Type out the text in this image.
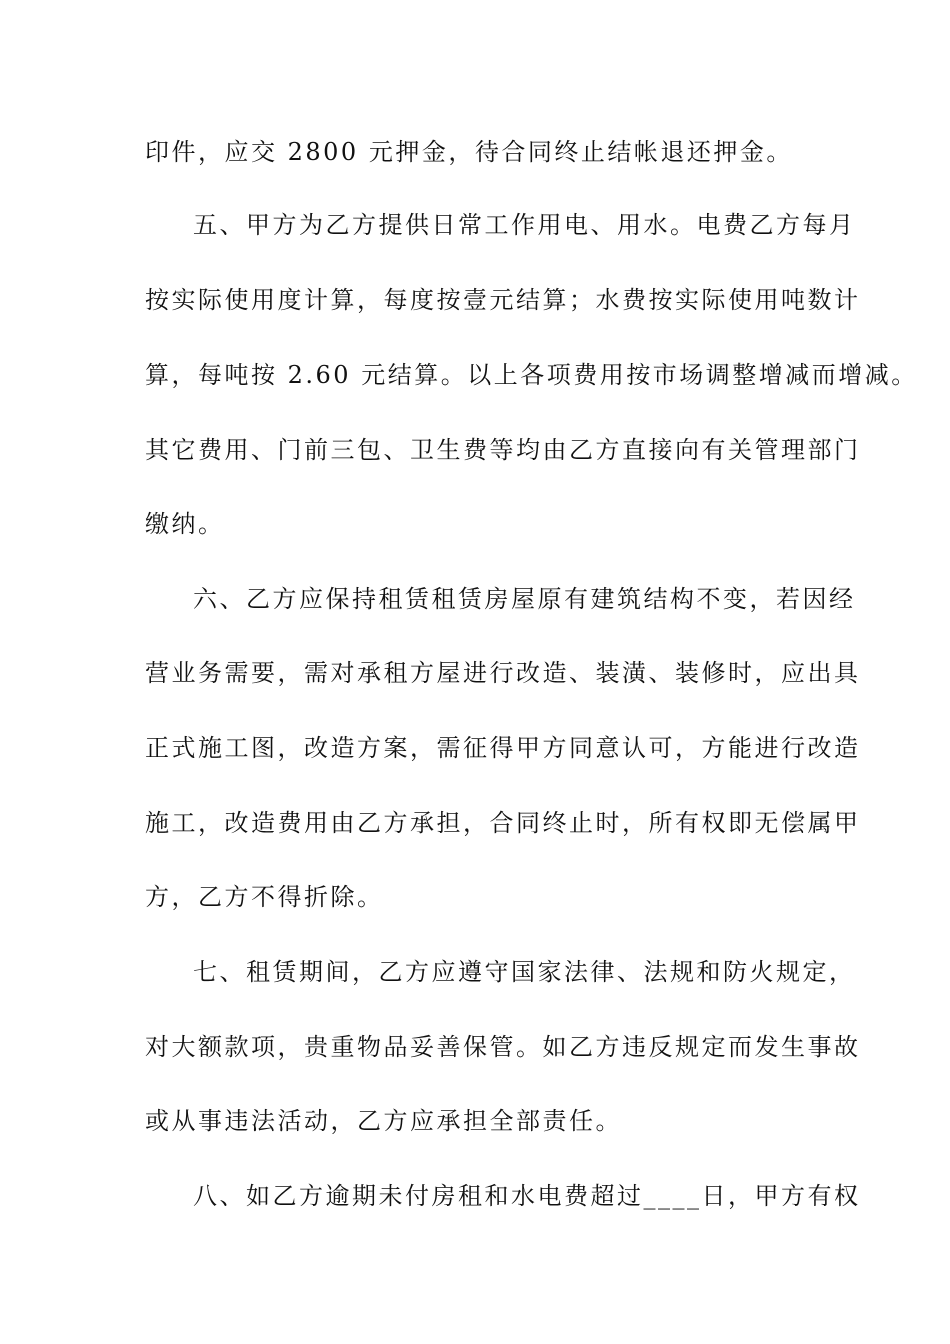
印件，应交 2800 元押金，待合同终止结帐退还押金。
五、甲方为乙方提供日常工作用电、用水。电费乙方每月
按实际使用度计算，每度按壹元结算；水费按实际使用吨数计
算，每吨按 2.60 元结算。以上各项费用按市场调整增减而增减。
其它费用、门前三包、卫生费等均由乙方直接向有关管理部门
缴纳。
六、乙方应保持租赁租赁房屋原有建筑结构不变，若因经
营业务需要，需对承租方屋进行改造、装潢、装修时，应出具
正式施工图，改造方案，需征得甲方同意认可，方能进行改造
施工，改造费用由乙方承担，合同终止时，所有权即无偿属甲
方，乙方不得折除。
七、租赁期间，乙方应遵守国家法律、法规和防火规定，
对大额款项，贵重物品妥善保管。如乙方违反规定而发生事故
或从事违法活动，乙方应承担全部责任。
八、如乙方逾期未付房租和水电费超过____日，甲方有权
